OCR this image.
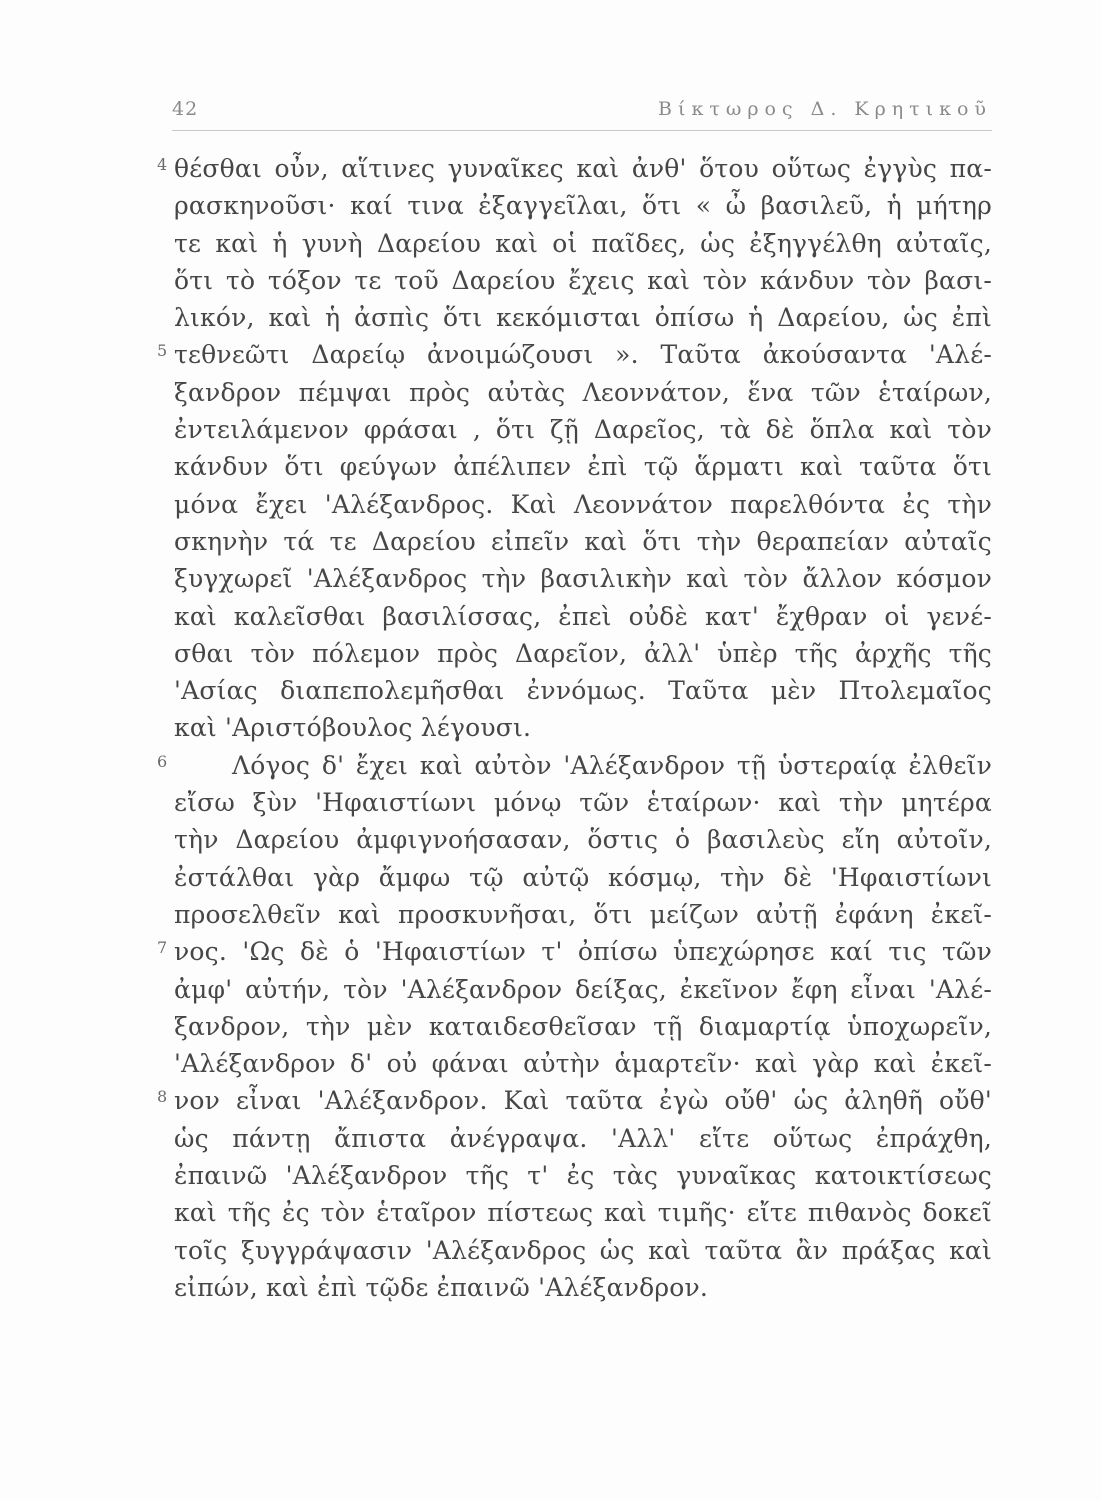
42	Βίκτωρος Δ. Κρητικοῦ
4 θέσθαι οὖν, αἵτινες γυναῖκες καὶ ἀνθ' ὅτου οὕτως ἐγγὺς πα-
ρασκηνοῦσι· καί τινα ἐξαγγεῖλαι, ὅτι « ὦ βασιλεῦ, ἡ μήτηρ
τε καὶ ἡ γυνὴ Δαρείου καὶ οἱ παῖδες, ὡς ἐξηγγέλθη αὐταῖς,
ὅτι τὸ τόξον τε τοῦ Δαρείου ἔχεις καὶ τὸν κάνδυν τὸν βασι-
λικόν, καὶ ἡ ἀσπὶς ὅτι κεκόμισται ὀπίσω ἡ Δαρείου, ὡς ἐπὶ
5 τεθνεῶτι Δαρείῳ ἀνοιμώζουσι ». Ταῦτα ἀκούσαντα 'Αλέ-
ξανδρον πέμψαι πρὸς αὐτὰς Λεοννάτον, ἕνα τῶν ἑταίρων,
ἐντειλάμενον φράσαι , ὅτι ζῇ Δαρεῖος, τὰ δὲ ὅπλα καὶ τὸν
κάνδυν ὅτι φεύγων ἀπέλιπεν ἐπὶ τῷ ἅρματι καὶ ταῦτα ὅτι
μόνα ἔχει 'Αλέξανδρος. Καὶ Λεοννάτον παρελθόντα ἐς τὴν
σκηνὴν τά τε Δαρείου εἰπεῖν καὶ ὅτι τὴν θεραπείαν αὐταῖς
ξυγχωρεῖ 'Αλέξανδρος τὴν βασιλικὴν καὶ τὸν ἄλλον κόσμον
καὶ καλεῖσθαι βασιλίσσας, ἐπεὶ οὐδὲ κατ' ἔχθραν οἱ γενέ-
σθαι τὸν πόλεμον πρὸς Δαρεῖον, ἀλλ' ὑπὲρ τῆς ἀρχῆς τῆς
'Ασίας διαπεπολεμῆσθαι ἐννόμως. Ταῦτα μὲν Πτολεμαῖος
καὶ 'Αριστόβουλος λέγουσι.
6	Λόγος δ' ἔχει καὶ αὐτὸν 'Αλέξανδρον τῇ ὑστεραίᾳ ἐλθεῖν
εἴσω ξὺν 'Ηφαιστίωνι μόνῳ τῶν ἑταίρων· καὶ τὴν μητέρα
τὴν Δαρείου ἀμφιγνοήσασαν, ὅστις ὁ βασιλεὺς εἴη αὐτοῖν,
ἐστάλθαι γὰρ ἄμφω τῷ αὐτῷ κόσμῳ, τὴν δὲ 'Ηφαιστίωνι
προσελθεῖν καὶ προσκυνῆσαι, ὅτι μείζων αὐτῇ ἐφάνη ἐκεῖ-
7 νος. 'Ως δὲ ὁ 'Ηφαιστίων τ' ὀπίσω ὑπεχώρησε καί τις τῶν
ἀμφ' αὐτήν, τὸν 'Αλέξανδρον δείξας, ἐκεῖνον ἔφη εἶναι 'Αλέ-
ξανδρον, τὴν μὲν καταιδεσθεῖσαν τῇ διαμαρτίᾳ ὑποχωρεῖν,
'Αλέξανδρον δ' οὐ φάναι αὐτὴν ἁμαρτεῖν· καὶ γὰρ καὶ ἐκεῖ-
8 νον εἶναι 'Αλέξανδρον. Καὶ ταῦτα ἐγὼ οὔθ' ὡς ἀληθῆ οὔθ'
ὡς πάντῃ ἄπιστα ἀνέγραψα. 'Αλλ' εἴτε οὕτως ἐπράχθη,
ἐπαινῶ 'Αλέξανδρον τῆς τ' ἐς τὰς γυναῖκας κατοικτίσεως
καὶ τῆς ἐς τὸν ἑταῖρον πίστεως καὶ τιμῆς· εἴτε πιθανὸς δοκεῖ
τοῖς ξυγγράψασιν 'Αλέξανδρος ὡς καὶ ταῦτα ἂν πράξας καὶ
εἰπών, καὶ ἐπὶ τῷδε ἐπαινῶ 'Αλέξανδρον.
